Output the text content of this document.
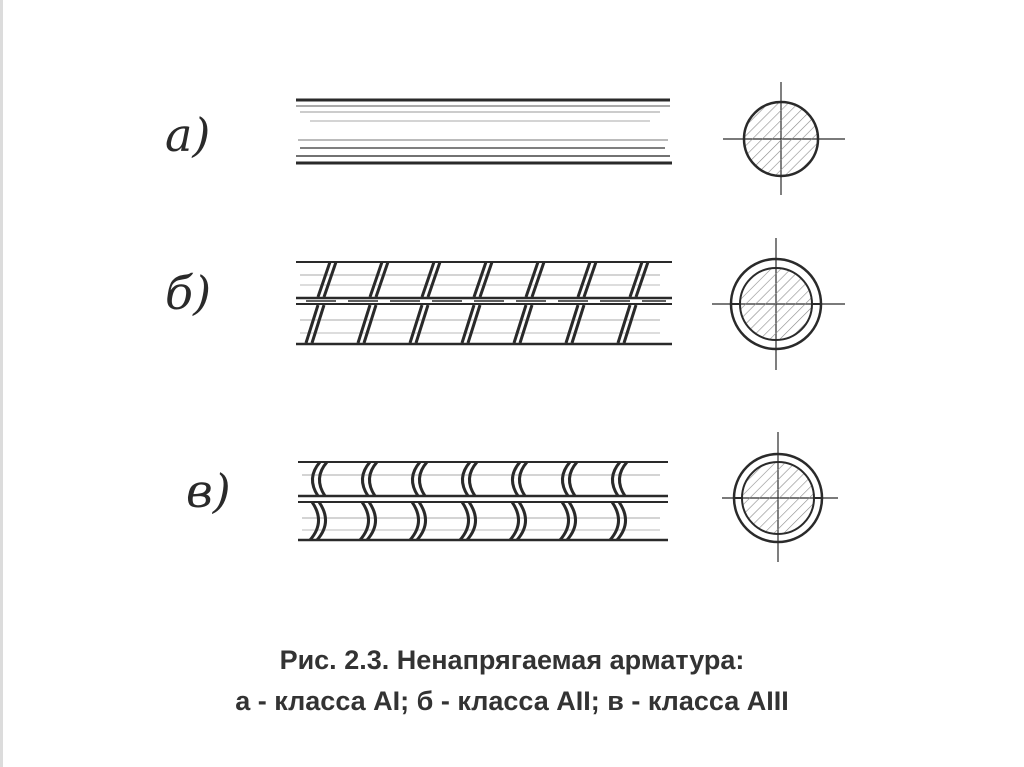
а)
б)
в)
Рис. 2.3. Ненапрягаемая арматура:
а - класса AI; б - класса AII; в - класса AIII
